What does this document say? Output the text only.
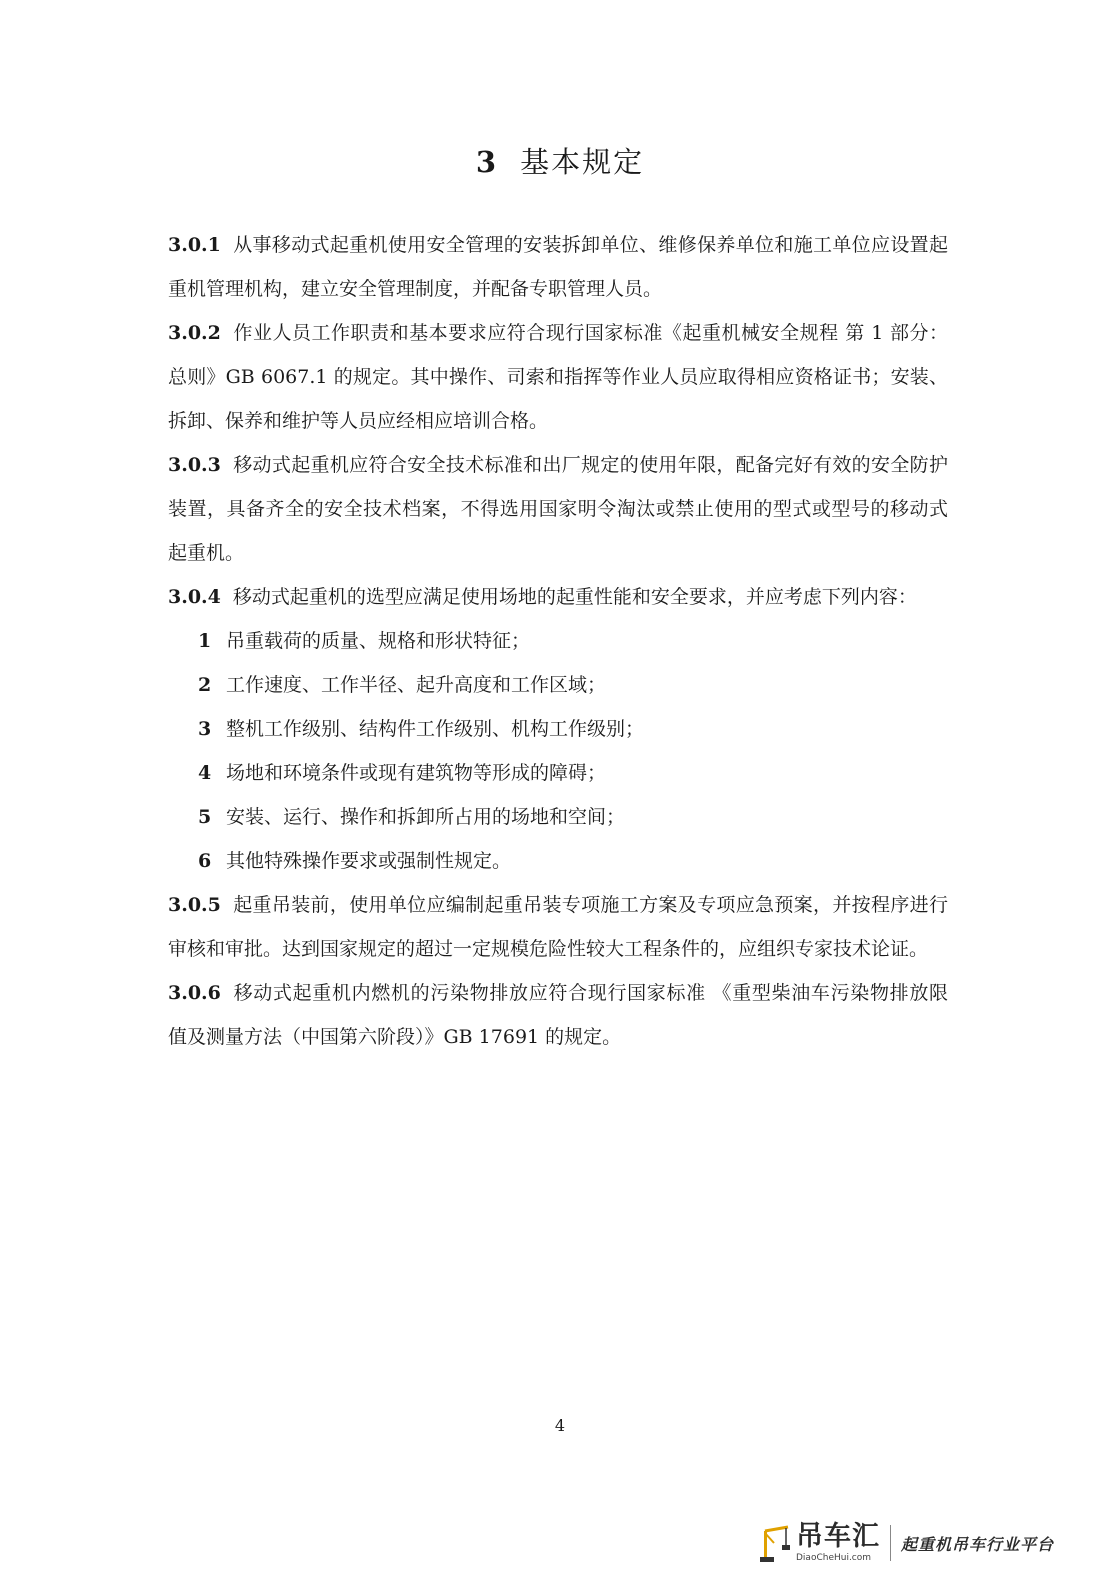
3 基本规定
3.0.1 从事移动式起重机使用安全管理的安装拆卸单位、维修保养单位和施工单位应设置起
重机管理机构，建立安全管理制度，并配备专职管理人员。
3.0.2 作业人员工作职责和基本要求应符合现行国家标准《起重机械安全规程 第 1 部分：
总则》GB 6067.1 的规定。其中操作、司索和指挥等作业人员应取得相应资格证书；安装、
拆卸、保养和维护等人员应经相应培训合格。
3.0.3 移动式起重机应符合安全技术标准和出厂规定的使用年限，配备完好有效的安全防护
装置，具备齐全的安全技术档案，不得选用国家明令淘汰或禁止使用的型式或型号的移动式
起重机。
3.0.4 移动式起重机的选型应满足使用场地的起重性能和安全要求，并应考虑下列内容：
1 吊重载荷的质量、规格和形状特征；
2 工作速度、工作半径、起升高度和工作区域；
3 整机工作级别、结构件工作级别、机构工作级别；
4 场地和环境条件或现有建筑物等形成的障碍；
5 安装、运行、操作和拆卸所占用的场地和空间；
6 其他特殊操作要求或强制性规定。
3.0.5 起重吊装前，使用单位应编制起重吊装专项施工方案及专项应急预案，并按程序进行
审核和审批。达到国家规定的超过一定规模危险性较大工程条件的，应组织专家技术论证。
3.0.6 移动式起重机内燃机的污染物排放应符合现行国家标准 《重型柴油车污染物排放限
值及测量方法（中国第六阶段）》GB 17691 的规定。
4
吊车汇
DiaoCheHui.com
起重机吊车行业平台
